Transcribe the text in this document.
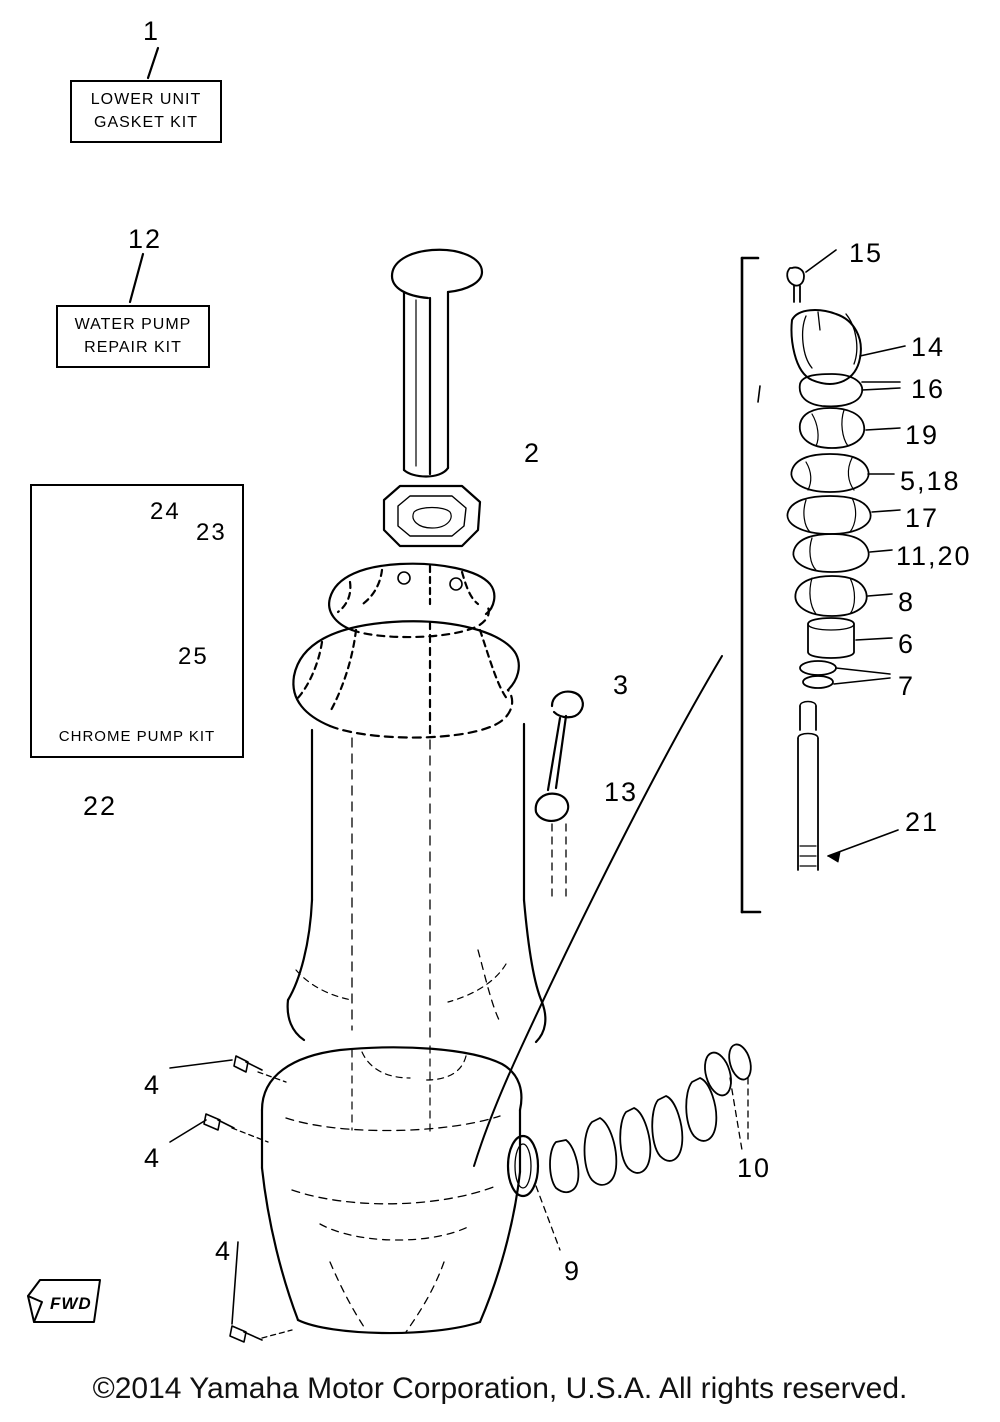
LOWER UNIT
GASKET KIT
WATER PUMP
REPAIR KIT
CHROME PUMP KIT
1
12
2
24
23
25
22
3
13
4
4
4
9
10
15
14
16
19
5,18
17
11,20
8
6
7
21
FWD
©2014 Yamaha Motor Corporation, U.S.A. All rights reserved.
